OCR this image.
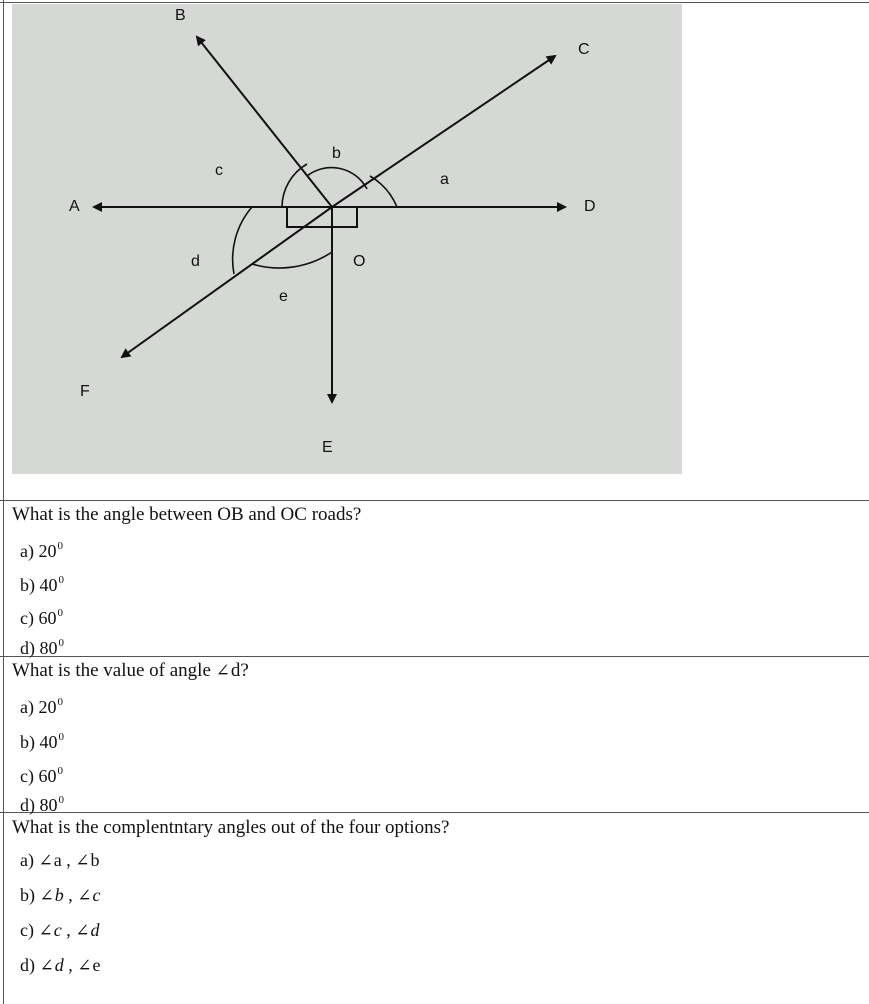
B
C
A	D
F
E
O
a
b
c
d
e
What is the angle between OB and OC roads?
a) $20^0$
b) $40^0$
c) $60^0$
d) $80^0$
What is the value of angle ∠d?
a) $20^0$
b) $40^0$
c) $60^0$
d) $80^0$
What is the complentntary angles out of the four options?
a) ∠a , ∠b
b) ∠b , ∠c
c) ∠c , ∠d
d) ∠d , ∠e
